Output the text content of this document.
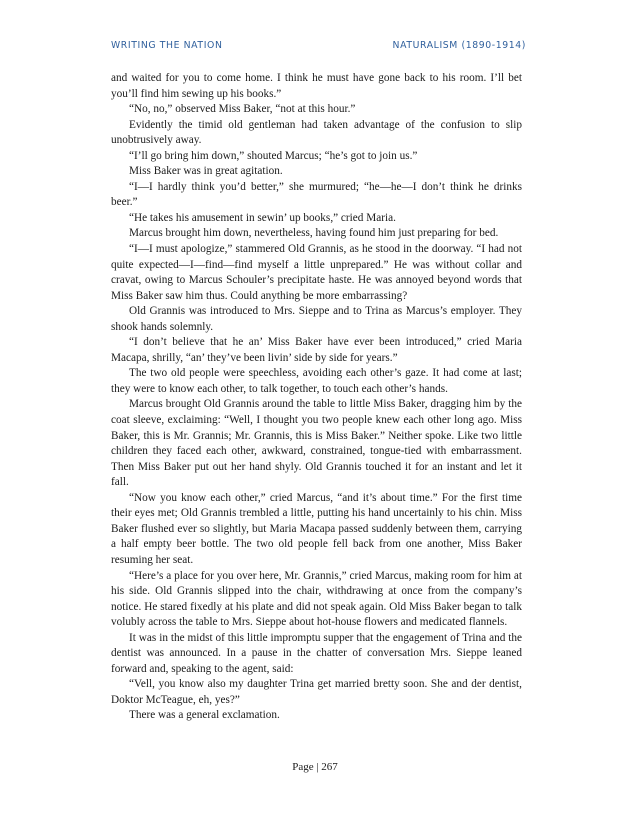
WRITING THE NATION	NATURALISM (1890-1914)

and waited for you to come home. I think he must have gone back to his room. I’ll bet you’ll find him sewing up his books.”

“No, no,” observed Miss Baker, “not at this hour.”

Evidently the timid old gentleman had taken advantage of the confusion to slip unobtrusively away.

“I’ll go bring him down,” shouted Marcus; “he’s got to join us.”

Miss Baker was in great agitation.

“I—I hardly think you’d better,” she murmured; “he—he—I don’t think he drinks beer.”

“He takes his amusement in sewin’ up books,” cried Maria.

Marcus brought him down, nevertheless, having found him just preparing for bed.

“I—I must apologize,” stammered Old Grannis, as he stood in the doorway. “I had not quite expected—I—find—find myself a little unprepared.” He was without collar and cravat, owing to Marcus Schouler’s precipitate haste. He was annoyed beyond words that Miss Baker saw him thus. Could anything be more embarrassing?

Old Grannis was introduced to Mrs. Sieppe and to Trina as Marcus’s employer. They shook hands solemnly.

“I don’t believe that he an’ Miss Baker have ever been introduced,” cried Maria Macapa, shrilly, “an’ they’ve been livin’ side by side for years.”

The two old people were speechless, avoiding each other’s gaze. It had come at last; they were to know each other, to talk together, to touch each other’s hands.

Marcus brought Old Grannis around the table to little Miss Baker, dragging him by the coat sleeve, exclaiming: “Well, I thought you two people knew each other long ago. Miss Baker, this is Mr. Grannis; Mr. Grannis, this is Miss Baker.” Neither spoke. Like two little children they faced each other, awkward, constrained, tongue-tied with embarrassment. Then Miss Baker put out her hand shyly. Old Grannis touched it for an instant and let it fall.

“Now you know each other,” cried Marcus, “and it’s about time.” For the first time their eyes met; Old Grannis trembled a little, putting his hand uncertainly to his chin. Miss Baker flushed ever so slightly, but Maria Macapa passed suddenly between them, carrying a half empty beer bottle. The two old people fell back from one another, Miss Baker resuming her seat.

“Here’s a place for you over here, Mr. Grannis,” cried Marcus, making room for him at his side. Old Grannis slipped into the chair, withdrawing at once from the company’s notice. He stared fixedly at his plate and did not speak again. Old Miss Baker began to talk volubly across the table to Mrs. Sieppe about hot-house flowers and medicated flannels.

It was in the midst of this little impromptu supper that the engagement of Trina and the dentist was announced. In a pause in the chatter of conversation Mrs. Sieppe leaned forward and, speaking to the agent, said:

“Vell, you know also my daughter Trina get married bretty soon. She and der dentist, Doktor McTeague, eh, yes?”

There was a general exclamation.

Page | 267
